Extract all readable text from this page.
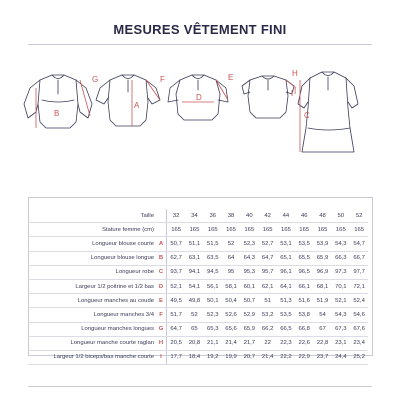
MESURES VÊTEMENT FINI
G
B
F
A
E
D
H
I
C
Taille		32	34	36	38	40	42	44	46	48	50	52
Stature femme (cm)		165	165	165	165	165	165	165	165	165	165	165
Longueur blouse courte	A	50,7	51,1	51,5	52	52,3	52,7	53,1	53,5	53,9	54,3	54,7
Longueur blouse longue	B	62,7	63,1	63,5	64	64,3	64,7	65,1	65,5	65,9	66,3	66,7
Longueur robe	C	93,7	94,1	94,5	95	95,3	95,7	96,1	96,5	96,9	97,3	97,7
Largeur 1/2 poitrine et 1/2 bas	D	52,1	54,1	56,1	58,1	60,1	62,1	64,1	66,1	68,1	70,1	72,1
Longueur manches au coude	E	49,5	49,8	50,1	50,4	50,7	51	51,3	51,6	51,9	52,1	52,4
Longueur manches 3/4	F	51,7	52	52,3	52,6	52,9	53,2	53,5	53,8	54	54,3	54,6
Longueur manches longues	G	64,7	65	65,3	65,6	65,9	66,2	66,5	66,8	67	67,3	67,6
Longueur manche courte raglan	H	20,5	20,8	21,1	21,4	21,7	22	22,3	22,6	22,8	23,1	23,4
Largeur 1/2 biceps/bas manche courte	I	17,7	18,4	19,2	19,9	20,7	21,4	22,2	22,9	23,7	24,4	25,2
